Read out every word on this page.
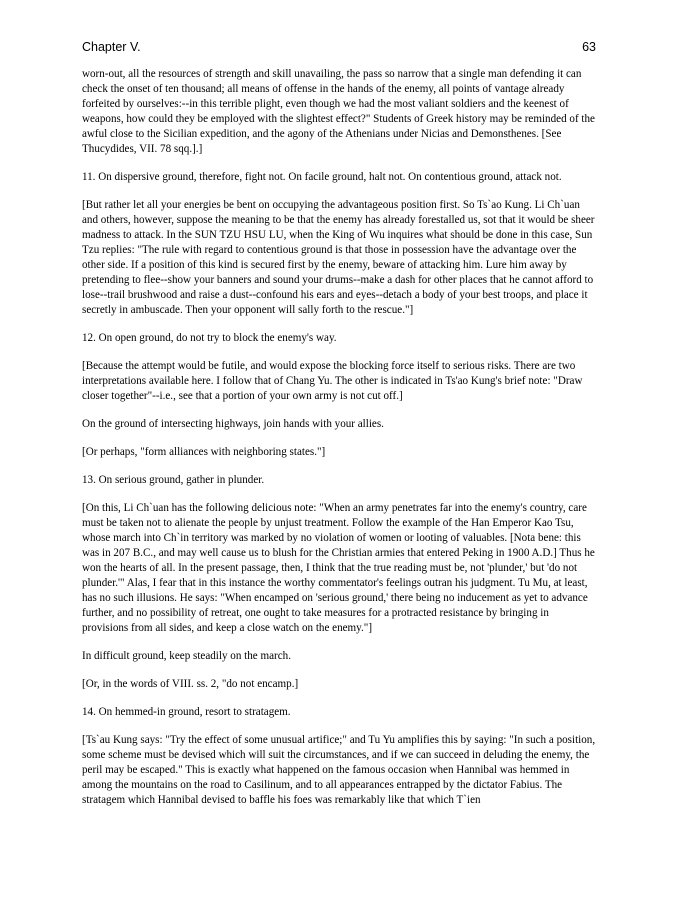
Chapter V.	63

worn-out, all the resources of strength and skill unavailing, the pass so narrow that a single man defending it can check the onset of ten thousand; all means of offense in the hands of the enemy, all points of vantage already forfeited by ourselves:--in this terrible plight, even though we had the most valiant soldiers and the keenest of weapons, how could they be employed with the slightest effect?" Students of Greek history may be reminded of the awful close to the Sicilian expedition, and the agony of the Athenians under Nicias and Demonsthenes. [See Thucydides, VII. 78 sqq.].]

11. On dispersive ground, therefore, fight not. On facile ground, halt not. On contentious ground, attack not.

[But rather let all your energies be bent on occupying the advantageous position first. So Ts`ao Kung. Li Ch`uan and others, however, suppose the meaning to be that the enemy has already forestalled us, sot that it would be sheer madness to attack. In the SUN TZU HSU LU, when the King of Wu inquires what should be done in this case, Sun Tzu replies: "The rule with regard to contentious ground is that those in possession have the advantage over the other side. If a position of this kind is secured first by the enemy, beware of attacking him. Lure him away by pretending to flee--show your banners and sound your drums--make a dash for other places that he cannot afford to lose--trail brushwood and raise a dust--confound his ears and eyes--detach a body of your best troops, and place it secretly in ambuscade. Then your opponent will sally forth to the rescue."]

12. On open ground, do not try to block the enemy's way.

[Because the attempt would be futile, and would expose the blocking force itself to serious risks. There are two interpretations available here. I follow that of Chang Yu. The other is indicated in Ts'ao Kung's brief note: "Draw closer together"--i.e., see that a portion of your own army is not cut off.]

On the ground of intersecting highways, join hands with your allies.

[Or perhaps, "form alliances with neighboring states."]

13. On serious ground, gather in plunder.

[On this, Li Ch`uan has the following delicious note: "When an army penetrates far into the enemy's country, care must be taken not to alienate the people by unjust treatment. Follow the example of the Han Emperor Kao Tsu, whose march into Ch`in territory was marked by no violation of women or looting of valuables. [Nota bene: this was in 207 B.C., and may well cause us to blush for the Christian armies that entered Peking in 1900 A.D.] Thus he won the hearts of all. In the present passage, then, I think that the true reading must be, not 'plunder,' but 'do not plunder.'" Alas, I fear that in this instance the worthy commentator's feelings outran his judgment. Tu Mu, at least, has no such illusions. He says: "When encamped on 'serious ground,' there being no inducement as yet to advance further, and no possibility of retreat, one ought to take measures for a protracted resistance by bringing in provisions from all sides, and keep a close watch on the enemy."]

In difficult ground, keep steadily on the march.

[Or, in the words of VIII. ss. 2, "do not encamp.]

14. On hemmed-in ground, resort to stratagem.

[Ts`au Kung says: "Try the effect of some unusual artifice;" and Tu Yu amplifies this by saying: "In such a position, some scheme must be devised which will suit the circumstances, and if we can succeed in deluding the enemy, the peril may be escaped." This is exactly what happened on the famous occasion when Hannibal was hemmed in among the mountains on the road to Casilinum, and to all appearances entrapped by the dictator Fabius. The stratagem which Hannibal devised to baffle his foes was remarkably like that which T`ien
